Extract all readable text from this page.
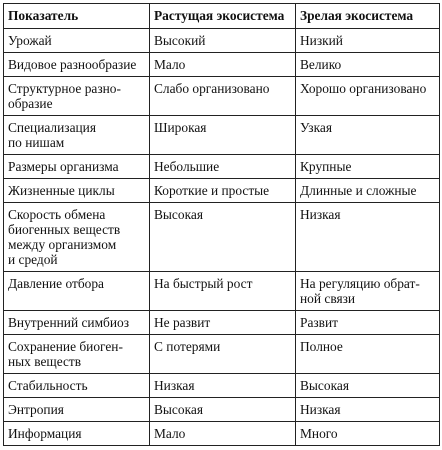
Показатель	Растущая экосистема	Зрелая экосистема

Урожай	Высокий	Низкий

Видовое разнообразие	Мало	Велико

Структурное разно-
образие	Слабо организовано	Хорошо организовано

Специализация
по нишам	Широкая	Узкая

Размеры организма	Небольшие	Крупные

Жизненные циклы	Короткие и простые	Длинные и сложные

Скорость обмена
биогенных веществ
между организмом
и средой	Высокая	Низкая

Давление отбора	На быстрый рост	На регуляцию обрат-
ной связи

Внутренний симбиоз	Не развит	Развит

Сохранение биоген-
ных веществ	С потерями	Полное

Стабильность	Низкая	Высокая

Энтропия	Высокая	Низкая

Информация	Мало	Много
